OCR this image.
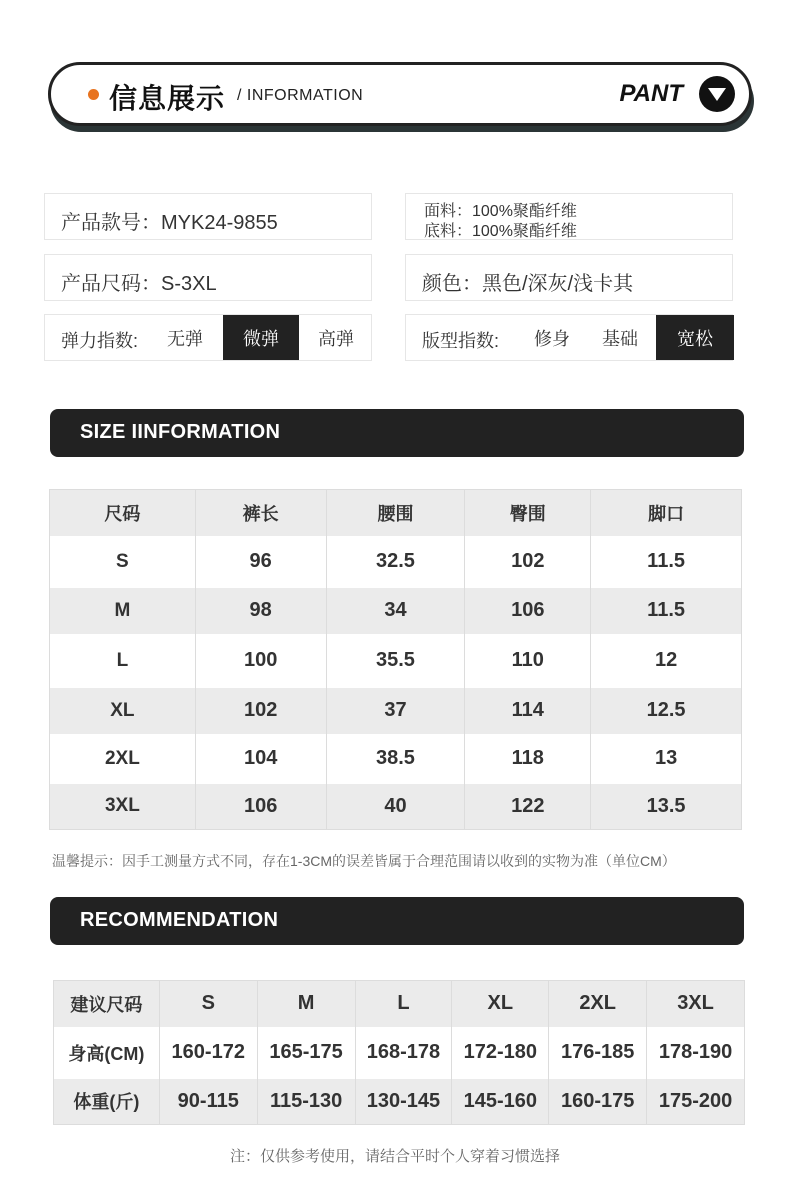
信息展示 / INFORMATION	PANT
产品款号：MYK24-9855
面料：100%聚酯纤维
底料：100%聚酯纤维
产品尺码：S-3XL	颜色：黑色/深灰/浅卡其
弹力指数:	无弹	微弹	高弹	版型指数:	修身	基础	宽松
SIZE IINFORMATION
尺码	裤长	腰围	臀围	脚口
S	96	32.5	102	11.5
M	98	34	106	11.5
L	100	35.5	110	12
XL	102	37	114	12.5
2XL	104	38.5	118	13
3XL	106	40	122	13.5
温馨提示：因手工测量方式不同，存在1-3CM的误差皆属于合理范围请以收到的实物为准（单位CM）
RECOMMENDATION
建议尺码	S	M	L	XL	2XL	3XL
身高(CM)	160-172	165-175	168-178	172-180	176-185	178-190
体重(斤)	90-115	115-130	130-145	145-160	160-175	175-200
注：仅供参考使用，请结合平时个人穿着习惯选择
